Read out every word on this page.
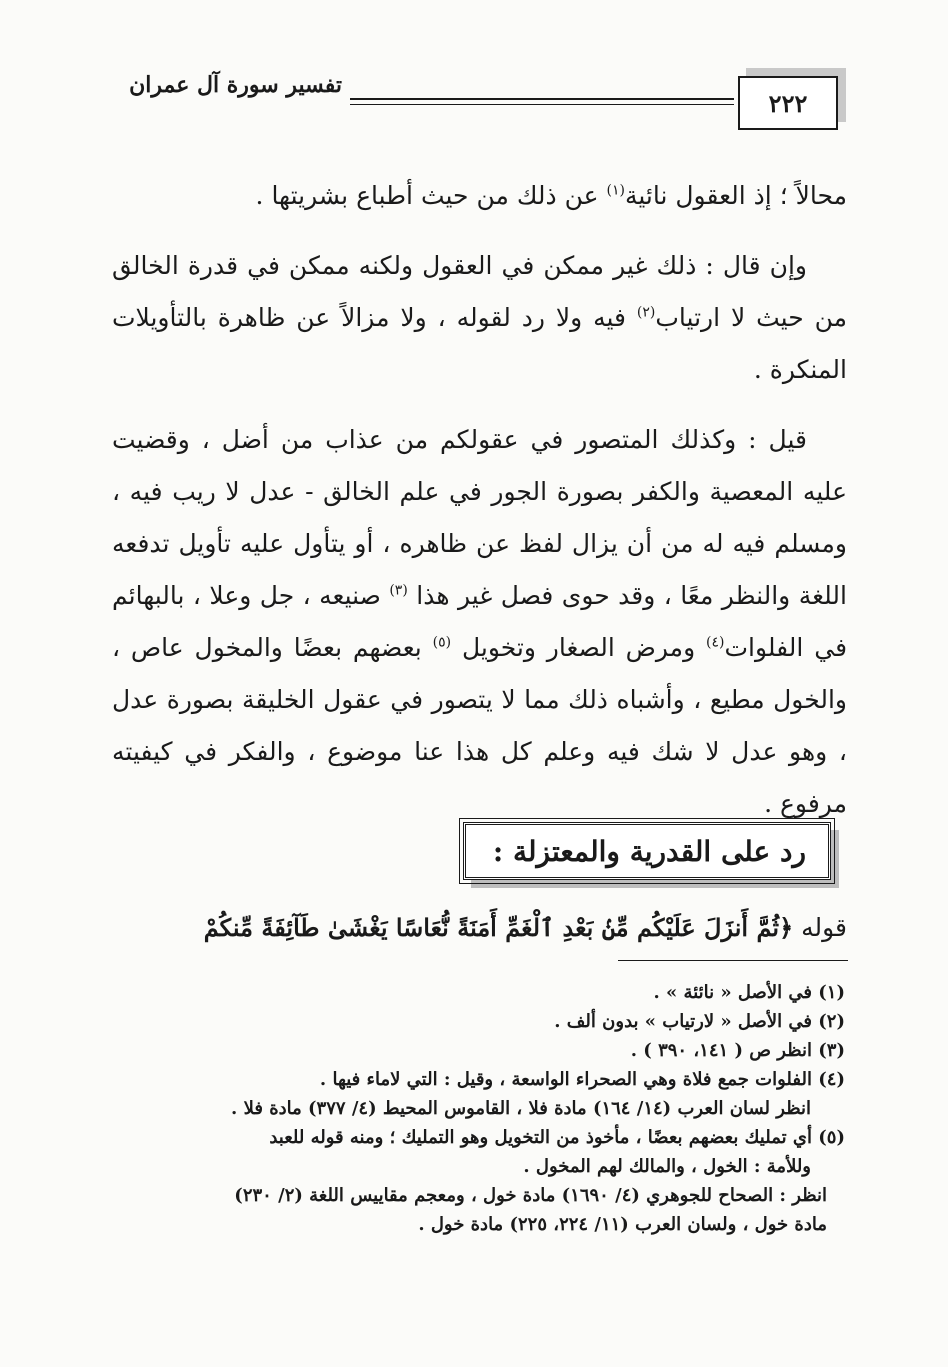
تفسير سورة آل عمران
٢٢٢

محالاً ؛ إذ العقول نائية$^{(١)}$ عن ذلك من حيث أطباع بشريتها .

وإن قال : ذلك غير ممكن في العقول ولكنه ممكن في قدرة الخالق من حيث لا ارتياب$^{(٢)}$ فيه ولا رد لقوله ، ولا مزالاً عن ظاهرة بالتأويلات المنكرة .

قيل : وكذلك المتصور في عقولكم من عذاب من أضل ، وقضيت عليه المعصية والكفر بصورة الجور في علم الخالق - عدل لا ريب فيه ، ومسلم فيه له من أن يزال لفظ عن ظاهره ، أو يتأول عليه تأويل تدفعه اللغة والنظر معًا ، وقد حوى فصل غير هذا $^{(٣)}$ صنيعه ، جل وعلا ، بالبهائم في الفلوات$^{(٤)}$ ومرض الصغار وتخويل $^{(٥)}$ بعضهم بعضًا والمخول عاص ، والخول مطيع ، وأشباه ذلك مما لا يتصور في عقول الخليقة بصورة عدل ، وهو عدل لا شك فيه وعلم كل هذا عنا موضوع ، والفكر في كيفيته مرفوع .

رد على القدرية والمعتزلة :
قوله ﴿ثُمَّ أَنزَلَ عَلَيْكُم مِّنۢ بَعْدِ ٱلْغَمِّ أَمَنَةً نُّعَاسًا يَغْشَىٰ طَآئِفَةً مِّنكُمْ

(١) في الأصل « نائئة » .

(٢) في الأصل « لارتياب » بدون ألف .

(٣) انظر ص ( ١٤١، ٣٩٠ ) .

(٤) الفلوات جمع فلاة وهي الصحراء الواسعة ، وقيل : التي لاماء فيها .

انظر لسان العرب (١٤/ ١٦٤) مادة فلا ، القاموس المحيط (٤/ ٣٧٧) مادة فلا .

(٥) أي تمليك بعضهم بعضًا ، مأخوذ من التخويل وهو التمليك ؛ ومنه قوله للعبد

وللأمة : الخول ، والمالك لهم المخول .

انظر : الصحاح للجوهري (٤/ ١٦٩٠) مادة خول ، ومعجم مقاييس اللغة (٢/ ٢٣٠)

مادة خول ، ولسان العرب (١١/ ٢٢٤، ٢٢٥) مادة خول .
